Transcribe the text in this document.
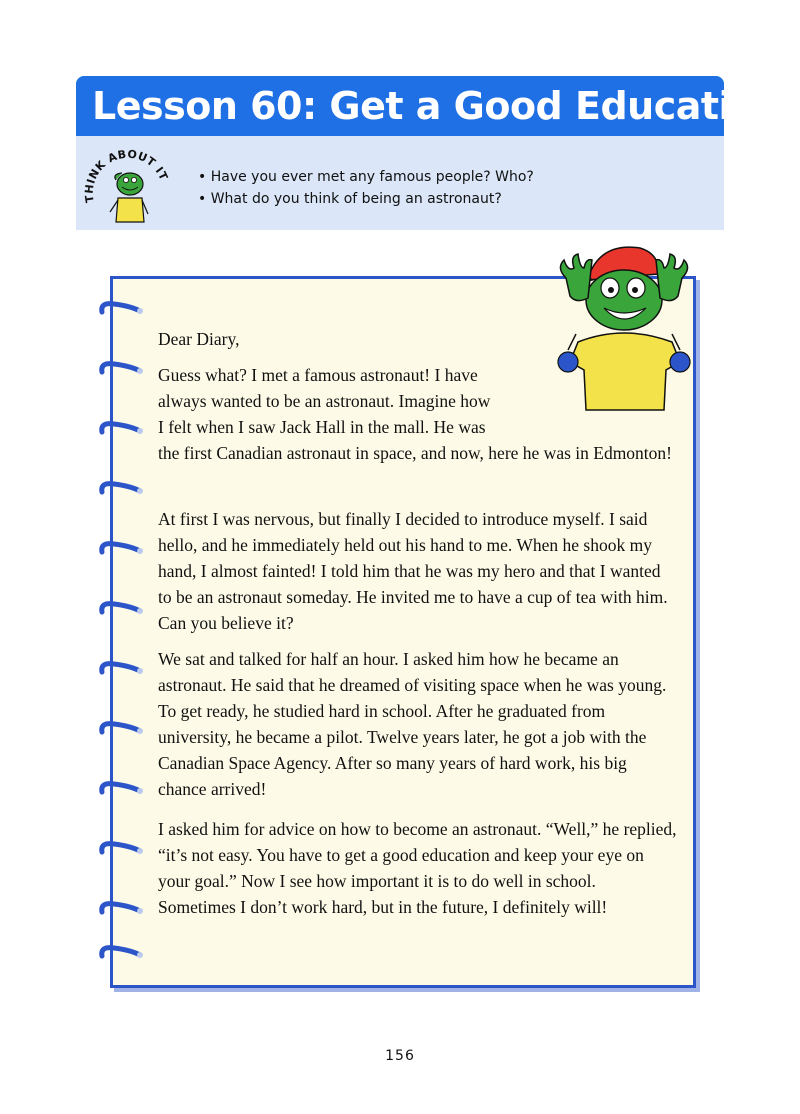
Lesson 60: Get a Good Education
THINK ABOUT IT
•	Have you ever met any famous people? Who?
• What do you think of being an astronaut?

Dear Diary,

Guess what? I met a famous astronaut! I have
always wanted to be an astronaut. Imagine how
I felt when I saw Jack Hall in the mall. He was
the first Canadian astronaut in space, and now, here he was in Edmonton!

At first I was nervous, but finally I decided to introduce myself. I said hello, and he immediately held out his hand to me. When he shook my hand, I almost fainted! I told him that he was my hero and that I wanted to be an astronaut someday. He invited me to have a cup of tea with him. Can you believe it?

We sat and talked for half an hour. I asked him how he became an astronaut. He said that he dreamed of visiting space when he was young. To get ready, he studied hard in school. After he graduated from university, he became a pilot. Twelve years later, he got a job with the Canadian Space Agency. After so many years of hard work, his big chance arrived!

I asked him for advice on how to become an astronaut. “Well,” he replied, “it’s not easy. You have to get a good education and keep your eye on your goal.” Now I see how important it is to do well in school. Sometimes I don’t work hard, but in the future, I definitely will!

156
